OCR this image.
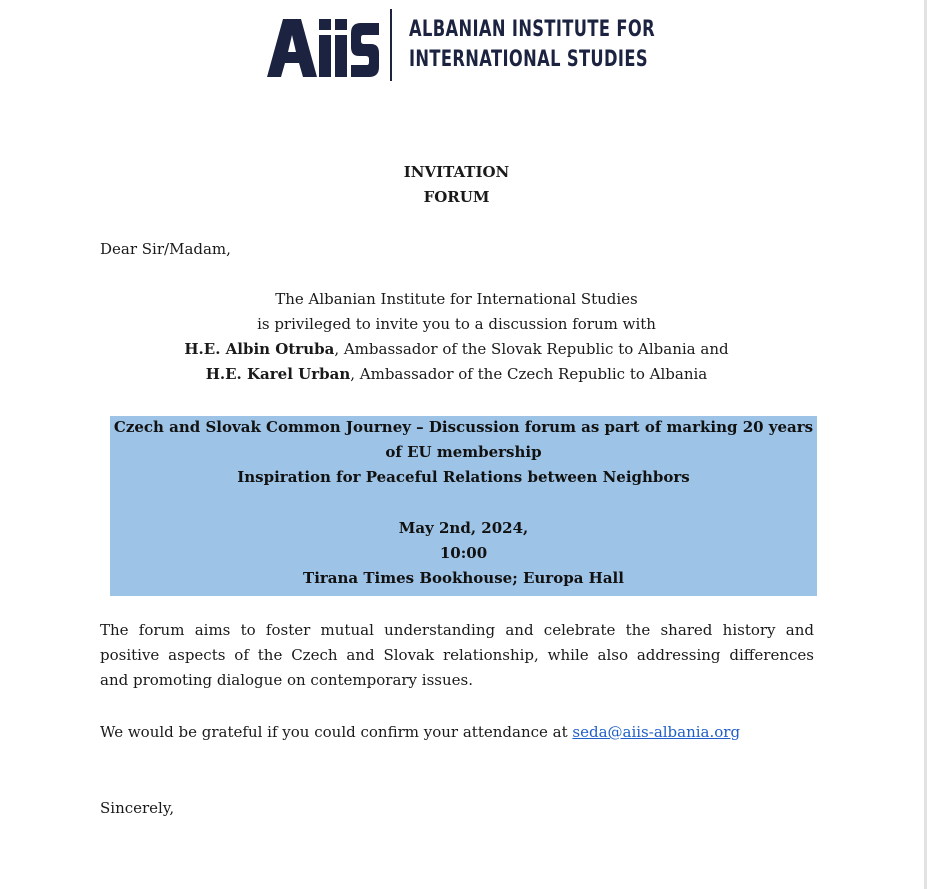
ALBANIAN INSTITUTE FOR
INTERNATIONAL STUDIES
INVITATION
FORUM
Dear Sir/Madam,
The Albanian Institute for International Studies
is privileged to invite you to a discussion forum with
H.E. Albin Otruba, Ambassador of the Slovak Republic to Albania and
H.E. Karel Urban, Ambassador of the Czech Republic to Albania
Czech and Slovak Common Journey – Discussion forum as part of marking 20 years
of EU membership
Inspiration for Peaceful Relations between Neighbors
May 2nd, 2024,
10:00
Tirana Times Bookhouse; Europa Hall
The forum aims to foster mutual understanding and celebrate the shared history and
positive aspects of the Czech and Slovak relationship, while also addressing differences
and promoting dialogue on contemporary issues.
We would be grateful if you could confirm your attendance at seda@aiis-albania.org
Sincerely,
